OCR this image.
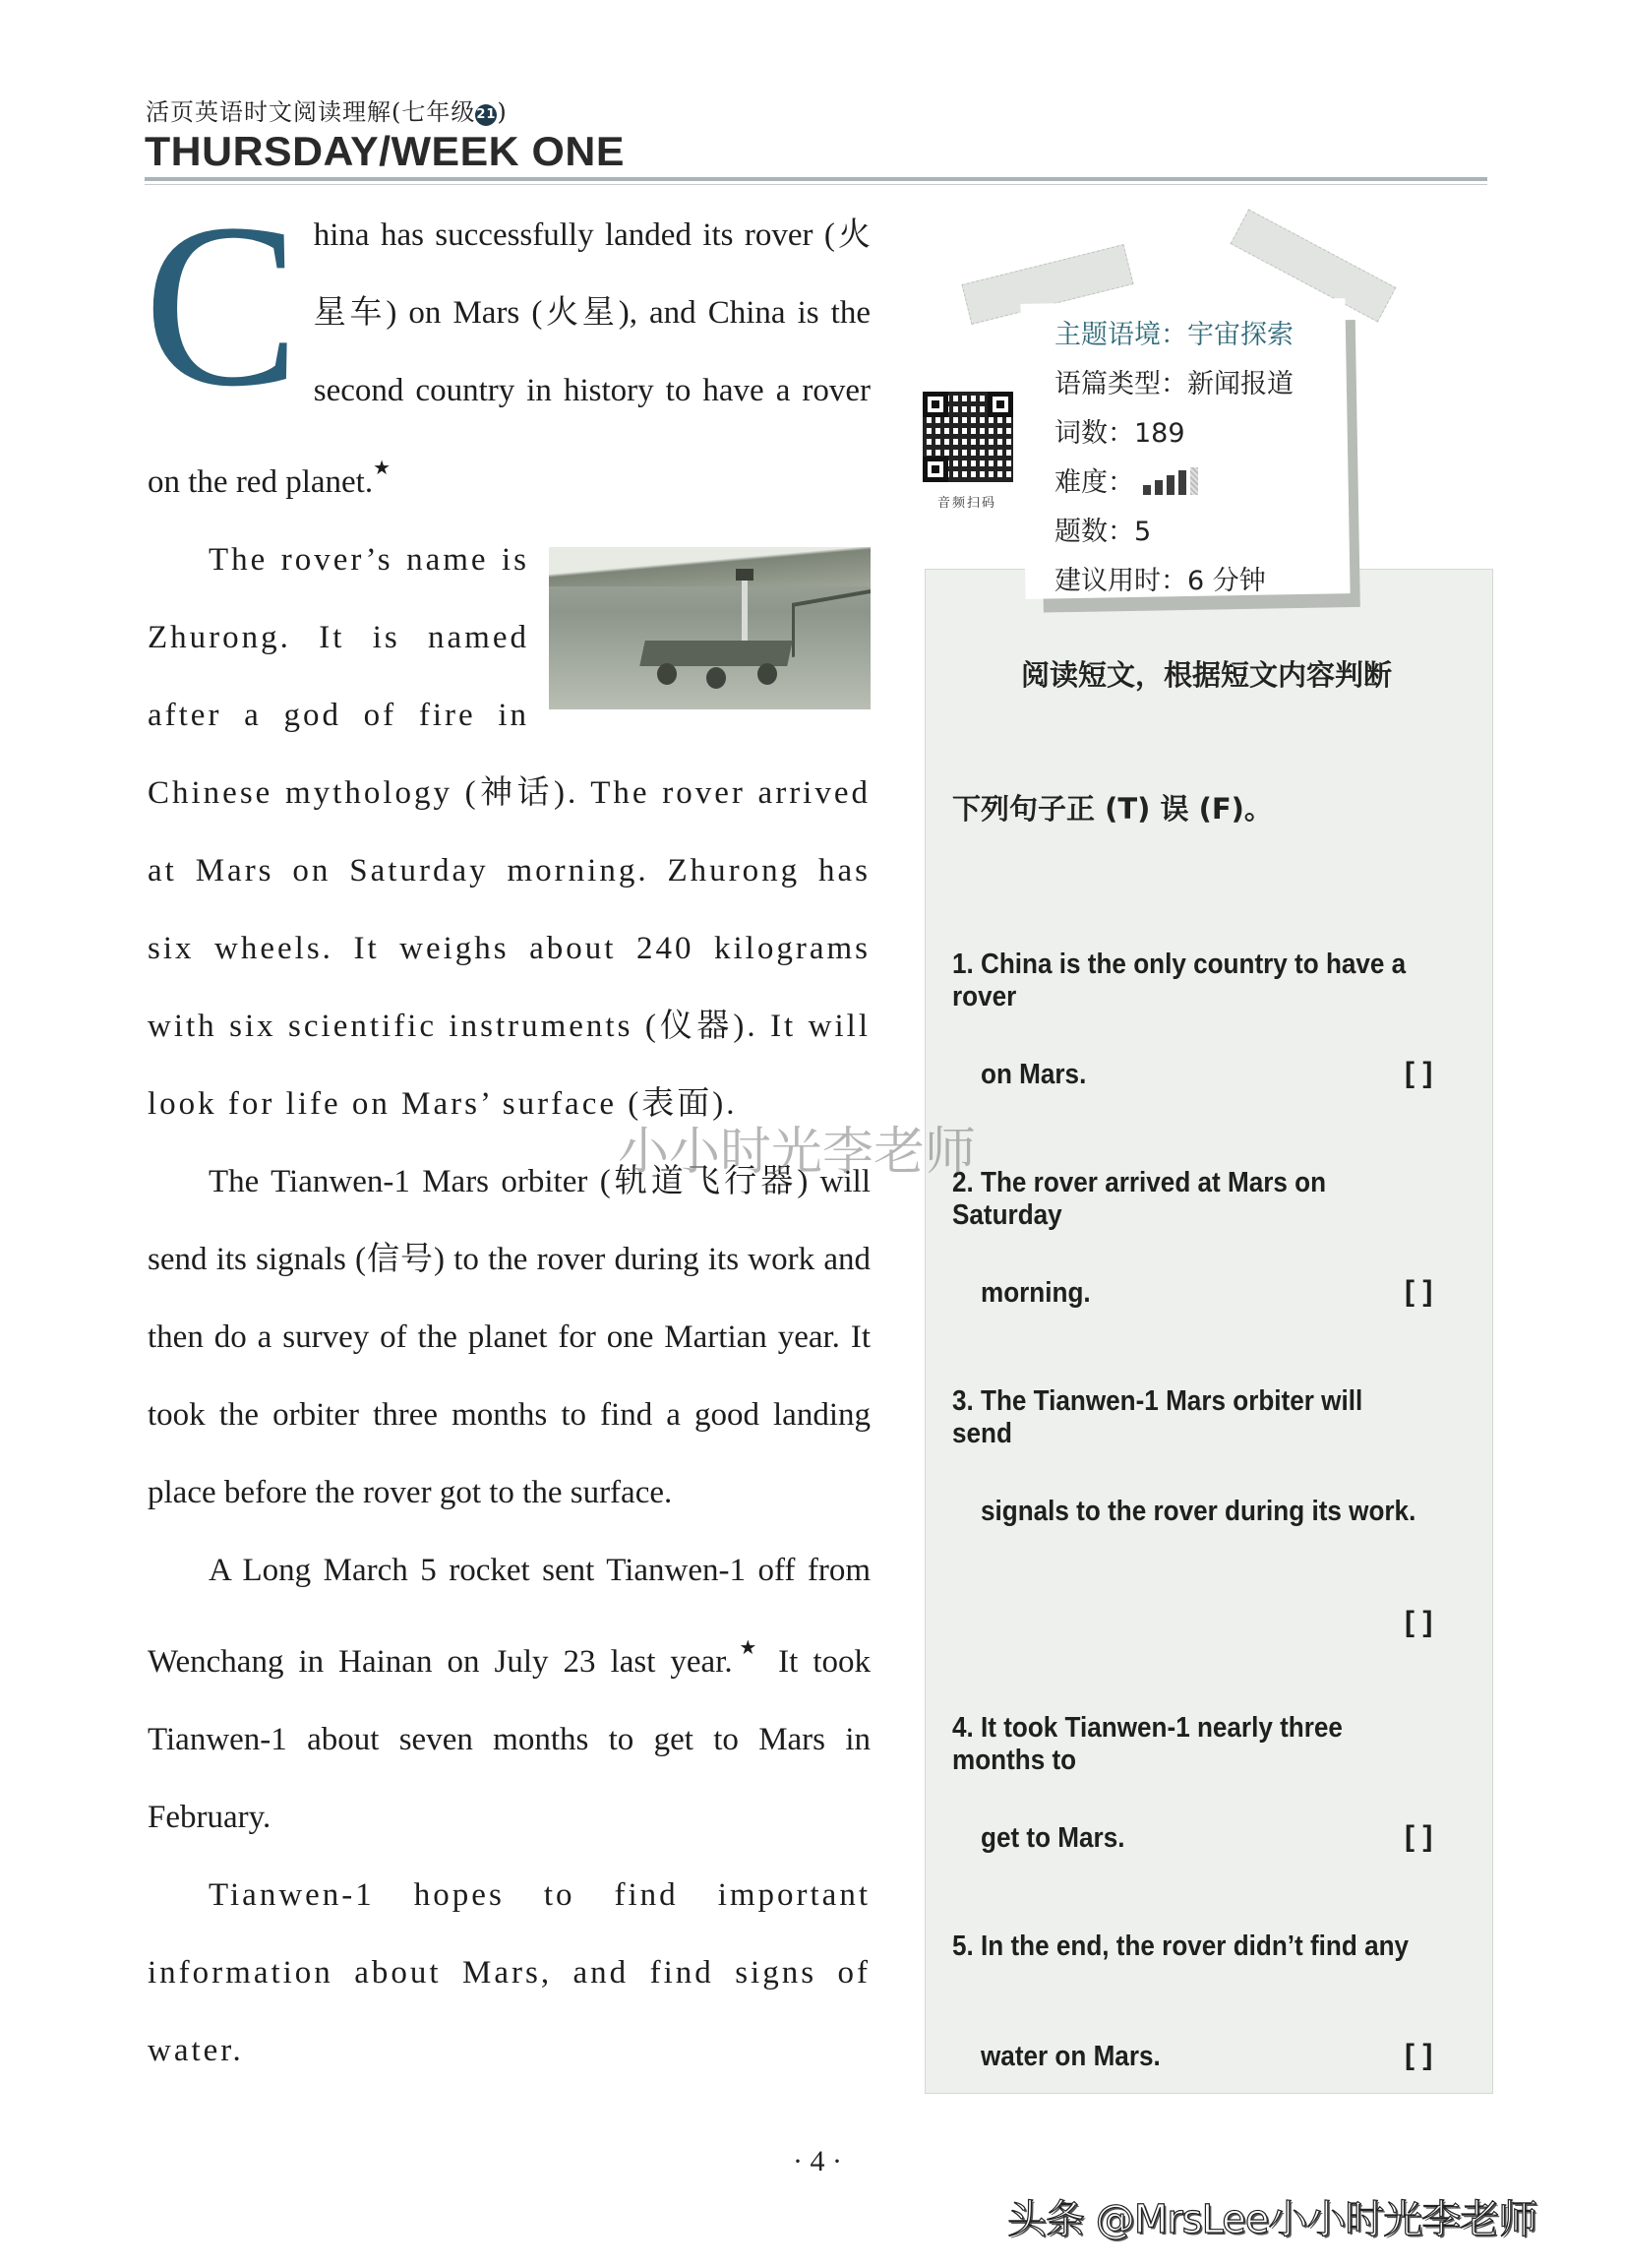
活页英语时文阅读理解(七年级21)
THURSDAY/WEEK ONE

C hina has successfully landed its rover (火星车) on Mars (火星), and China is the second country in history to have a rover on the red planet.★

The rover’s name is Zhurong. It is named after a god of fire in Chinese mythology (神话). The rover arrived at Mars on Saturday morning. Zhurong has six wheels. It weighs about 240 kilograms with six scientific instruments (仪器). It will look for life on Mars’ surface (表面).

The Tianwen-1 Mars orbiter (轨道飞行器) will send its signals (信号) to the rover during its work and then do a survey of the planet for one Martian year. It took the orbiter three months to find a good landing place before the rover got to the surface.

A Long March 5 rocket sent Tianwen-1 off from Wenchang in Hainan on July 23 last year.★ It took Tianwen-1 about seven months to get to Mars in February.

Tianwen-1 hopes to find important information about Mars, and find signs of water.

主题语境：宇宙探索
语篇类型：新闻报道
词数：189
难度：
题数：5
建议用时：6 分钟
音频扫码
阅读短文，根据短文内容判断
下列句子正 (T) 误 (F)。
1. China is the only country to have a rover
on Mars.	[ ]
2. The rover arrived at Mars on Saturday
morning.	[ ]
3. The Tianwen-1 Mars orbiter will send
signals to the rover during its work.
[ ]
4. It took Tianwen-1 nearly three months to
get to Mars.	[ ]
5. In the end, the rover didn’t find any
water on Mars.	[ ]
小小时光李老师
· 4 ·
头条 @MrsLee小小时光李老师
